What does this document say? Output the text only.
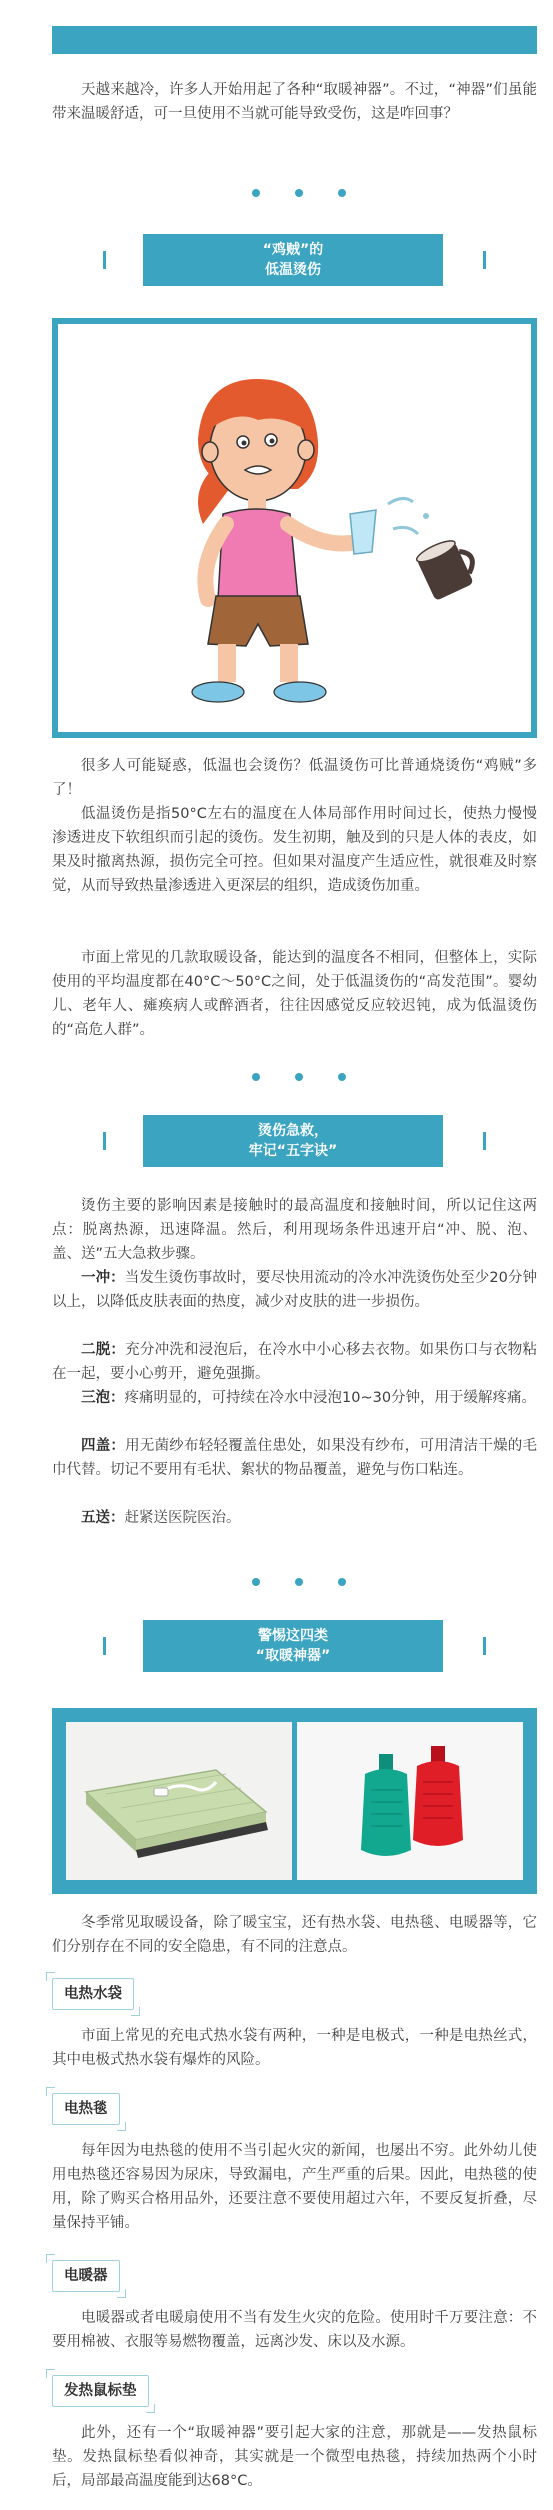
天越来越冷，许多人开始用起了各种“取暖神器”。不过，“神器”们虽能带来温暖舒适，可一旦使用不当就可能导致受伤，这是咋回事？

“鸡贼”的
低温烫伤

很多人可能疑惑，低温也会烫伤？低温烫伤可比普通烧烫伤“鸡贼”多了！

低温烫伤是指50°C左右的温度在人体局部作用时间过长，使热力慢慢渗透进皮下软组织而引起的烫伤。发生初期，触及到的只是人体的表皮，如果及时撤离热源，损伤完全可控。但如果对温度产生适应性，就很难及时察觉，从而导致热量渗透进入更深层的组织，造成烫伤加重。

市面上常见的几款取暖设备，能达到的温度各不相同，但整体上，实际使用的平均温度都在40°C～50°C之间，处于低温烫伤的“高发范围”。婴幼儿、老年人、瘫痪病人或醉酒者，往往因感觉反应较迟钝，成为低温烫伤的“高危人群”。

烫伤急救，
牢记“五字诀”

烫伤主要的影响因素是接触时的最高温度和接触时间，所以记住这两点：脱离热源，迅速降温。然后，利用现场条件迅速开启“冲、脱、泡、盖、送”五大急救步骤。

一冲：当发生烫伤事故时，要尽快用流动的冷水冲洗烫伤处至少20分钟以上，以降低皮肤表面的热度，减少对皮肤的进一步损伤。

二脱：充分冲洗和浸泡后，在冷水中小心移去衣物。如果伤口与衣物粘在一起，要小心剪开，避免强撕。

三泡：疼痛明显的，可持续在冷水中浸泡10~30分钟，用于缓解疼痛。

四盖：用无菌纱布轻轻覆盖住患处，如果没有纱布，可用清洁干燥的毛巾代替。切记不要用有毛状、絮状的物品覆盖，避免与伤口粘连。

五送：赶紧送医院医治。

警惕这四类
“取暖神器”

冬季常见取暖设备，除了暖宝宝，还有热水袋、电热毯、电暖器等，它们分别存在不同的安全隐患，有不同的注意点。

电热水袋

市面上常见的充电式热水袋有两种，一种是电极式，一种是电热丝式，其中电极式热水袋有爆炸的风险。

电热毯

每年因为电热毯的使用不当引起火灾的新闻，也屡出不穷。此外幼儿使用电热毯还容易因为尿床，导致漏电，产生严重的后果。因此，电热毯的使用，除了购买合格用品外，还要注意不要使用超过六年，不要反复折叠，尽量保持平铺。

电暖器

电暖器或者电暖扇使用不当有发生火灾的危险。使用时千万要注意：不要用棉被、衣服等易燃物覆盖，远离沙发、床以及水源。

发热鼠标垫

此外，还有一个“取暖神器”要引起大家的注意，那就是——发热鼠标垫。发热鼠标垫看似神奇，其实就是一个微型电热毯，持续加热两个小时后，局部最高温度能到达68°C。
